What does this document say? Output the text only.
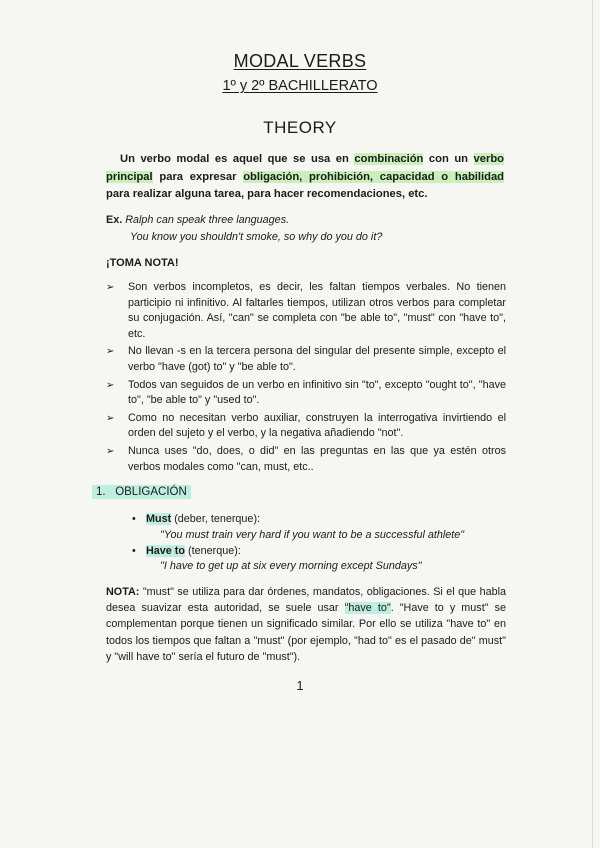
MODAL VERBS
1º y 2º BACHILLERATO
THEORY

Un verbo modal es aquel que se usa en combinación con un verbo principal para expresar obligación, prohibición, capacidad o habilidad para realizar alguna tarea, para hacer recomendaciones, etc.

Ex. Ralph can speak three languages.
You know you shouldn't smoke, so why do you do it?
¡TOMA NOTA!
➢ Son verbos incompletos, es decir, les faltan tiempos verbales. No tienen participio ni infinitivo. Al faltarles tiempos, utilizan otros verbos para completar su conjugación. Así, "can" se completa con "be able to", "must" con "have to", etc.
➢ No llevan -s en la tercera persona del singular del presente simple, excepto el verbo "have (got) to" y "be able to".
➢ Todos van seguidos de un verbo en infinitivo sin "to", excepto "ought to", "have to", "be able to" y "used to".
➢ Como no necesitan verbo auxiliar, construyen la interrogativa invirtiendo el orden del sujeto y el verbo, y la negativa añadiendo "not".
➢ Nunca uses "do, does, o did" en las preguntas en las que ya estén otros verbos modales como "can, must, etc..
1. OBLIGACIÓN
• Must (deber, tenerque):
"You must train very hard if you want to be a successful athlete"
• Have to (tenerque):
"I have to get up at six every morning except Sundays"

NOTA: "must" se utiliza para dar órdenes, mandatos, obligaciones. Si el que habla desea suavizar esta autoridad, se suele usar "have to". "Have to y must" se complementan porque tienen un significado similar. Por ello se utiliza "have to" en todos los tiempos que faltan a "must" (por ejemplo, "had to" es el pasado de" must" y "will have to" sería el futuro de "must").

1
